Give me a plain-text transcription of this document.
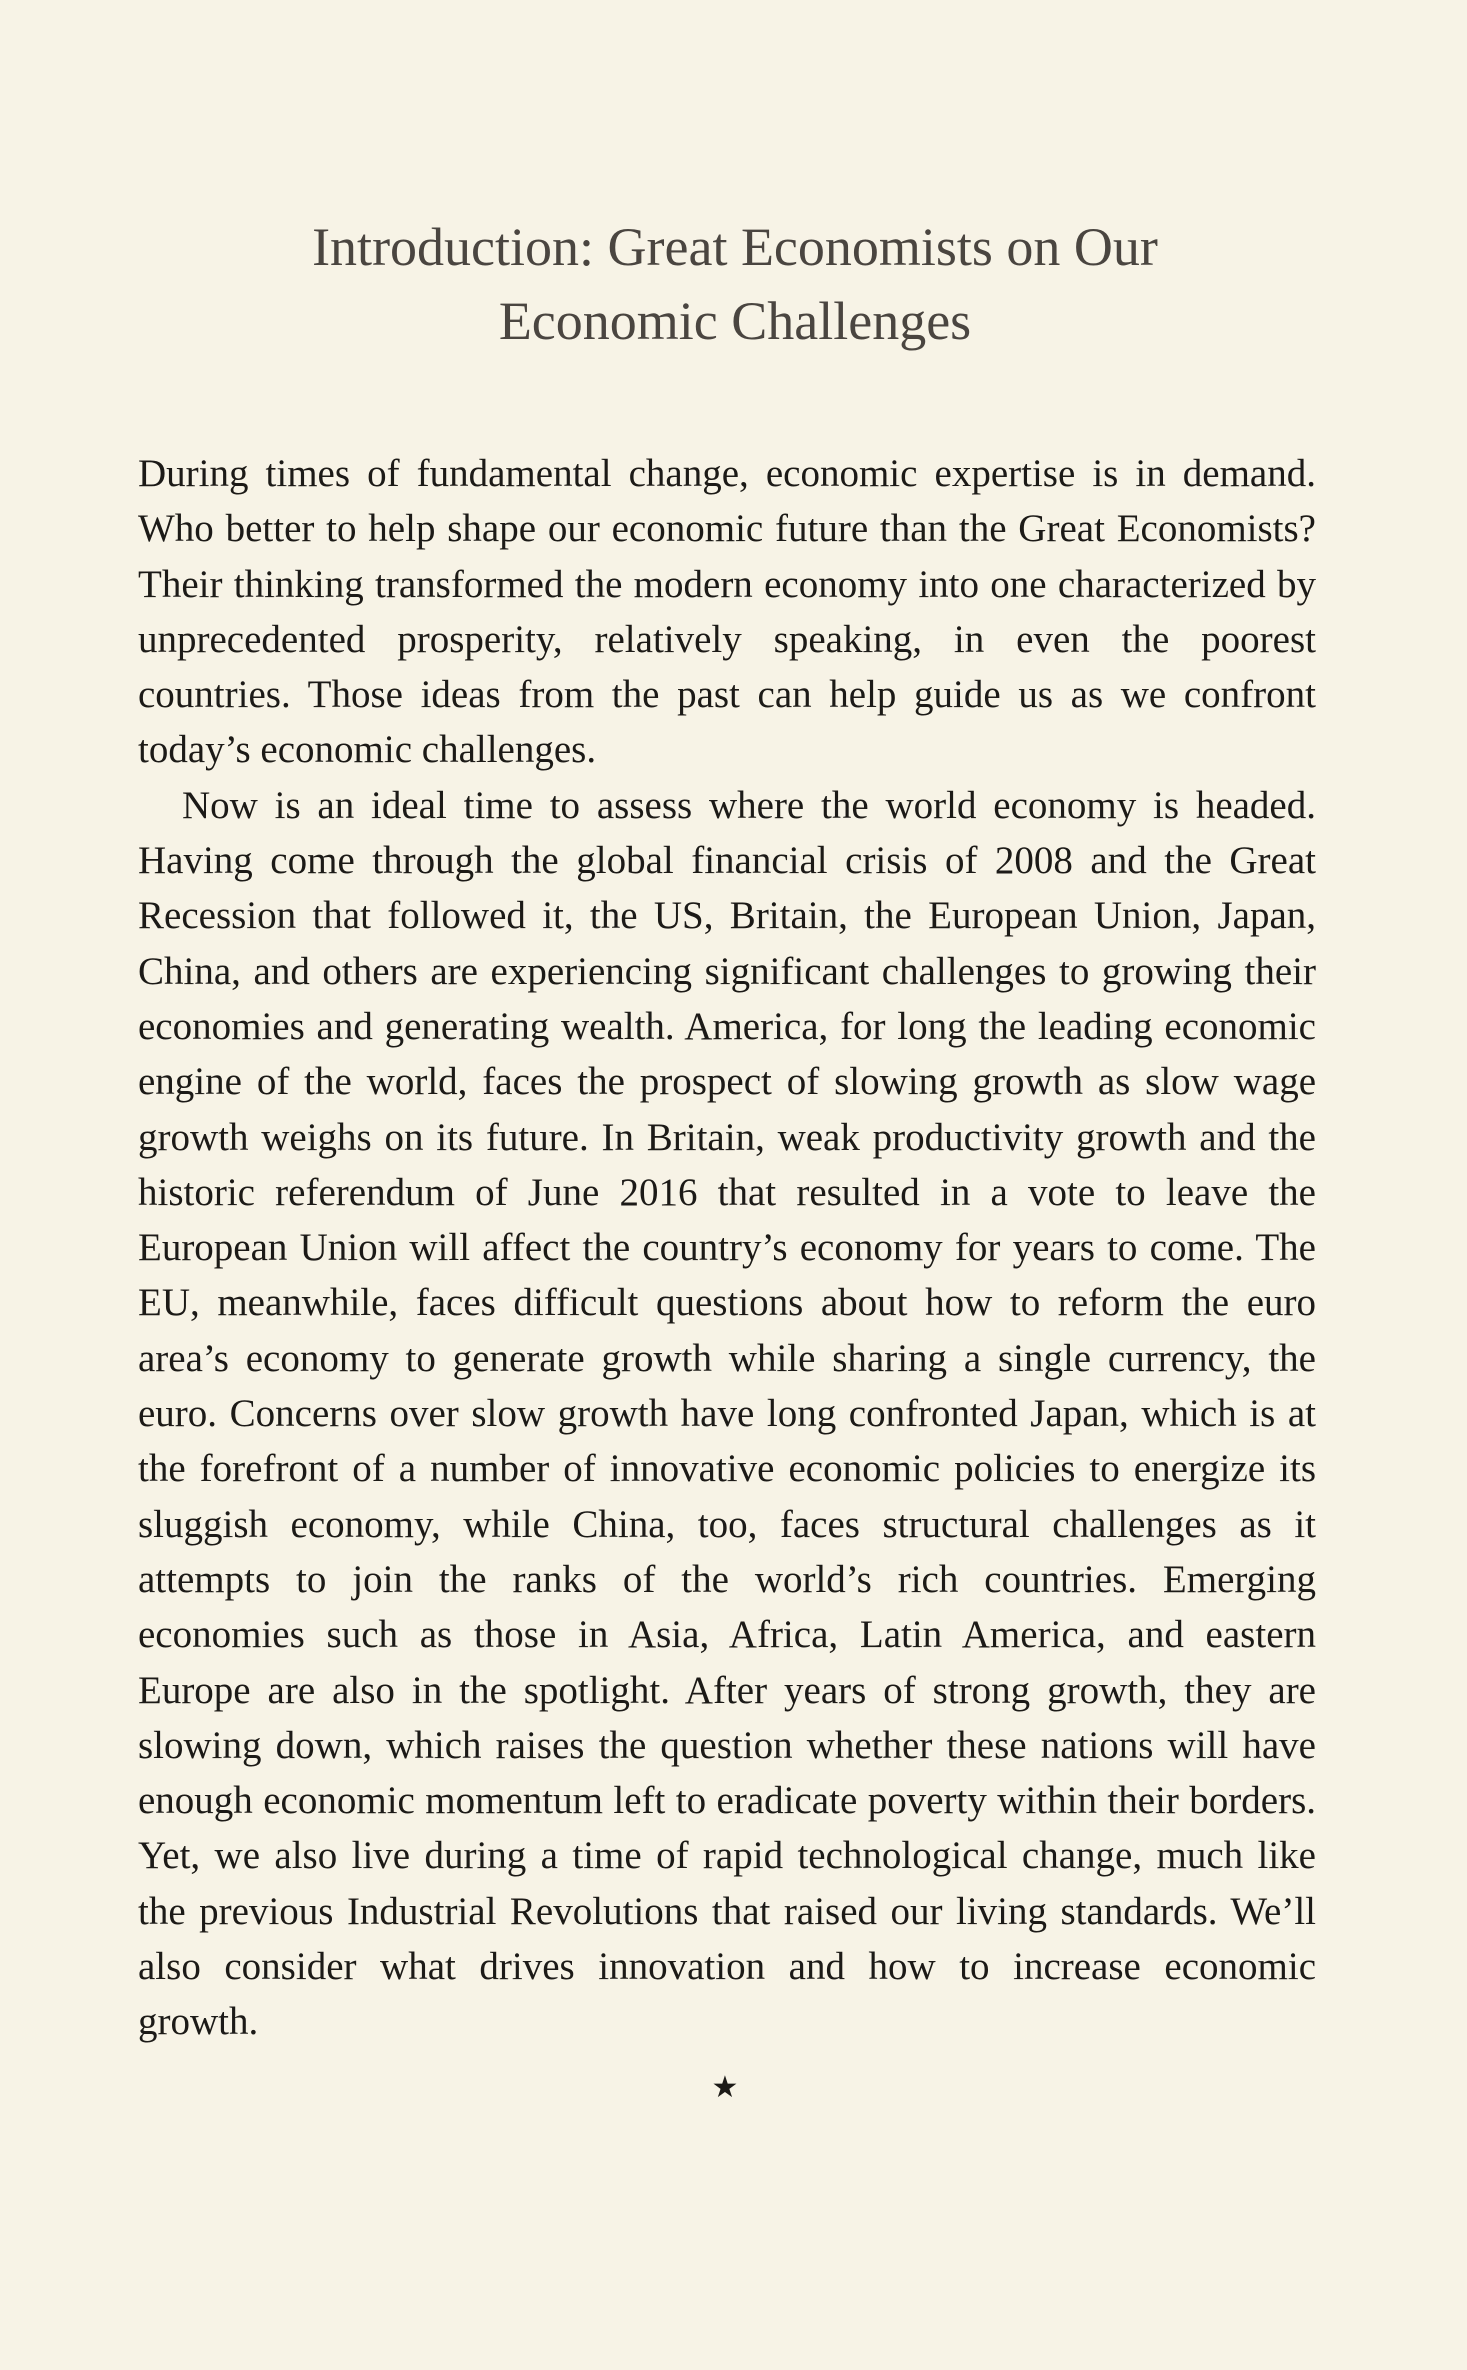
Introduction: Great Economists on Our
Economic Challenges

During times of fundamental change, economic expertise is in demand. Who better to help shape our economic future than the Great Economists? Their thinking transformed the modern economy into one characterized by unprecedented prosperity, relatively speaking, in even the poorest countries. Those ideas from the past can help guide us as we confront today’s economic challenges.

Now is an ideal time to assess where the world economy is headed. Having come through the global financial crisis of 2008 and the Great Recession that followed it, the US, Britain, the European Union, Japan, China, and others are experiencing significant challenges to growing their economies and generating wealth. America, for long the leading economic engine of the world, faces the prospect of slowing growth as slow wage growth weighs on its future. In Britain, weak productivity growth and the historic referendum of June 2016 that resulted in a vote to leave the European Union will affect the country’s economy for years to come. The EU, meanwhile, faces difficult questions about how to reform the euro area’s economy to generate growth while sharing a single currency, the euro. Concerns over slow growth have long confronted Japan, which is at the forefront of a number of innovative economic policies to energize its sluggish economy, while China, too, faces structural challenges as it attempts to join the ranks of the world’s rich countries. Emerging economies such as those in Asia, Africa, Latin America, and eastern Europe are also in the spotlight. After years of strong growth, they are slowing down, which raises the question whether these nations will have enough economic momentum left to eradicate poverty within their borders. Yet, we also live during a time of rapid technological change, much like the previous Industrial Revolutions that raised our living standards. We’ll also consider what drives innovation and how to increase economic growth.

★
